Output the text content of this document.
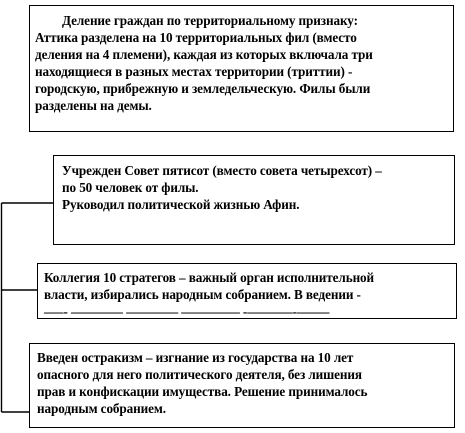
Деление граждан по территориальному признаку:
Аттика разделена на 10 территориальных фил (вместо
деления на 4 племени), каждая из которых включала три
находящиеся в разных местах территории (триттии) -
городскую, прибрежную и земледельческую. Филы были
разделены на демы.
Учрежден Совет пятисот (вместо совета четырехсот) –
по 50 человек от филы.
Руководил политической жизнью Афин.
Коллегия 10 стратегов – важный орган исполнительной
власти, избирались народным собранием. В ведении -
–––- –––––––– –––––––– ––––––––– -–––––––-–––––
Введен остракизм – изгнание из государства на 10 лет
опасного для него политического деятеля, без лишения
прав и конфискации имущества. Решение принималось
народным собранием.
